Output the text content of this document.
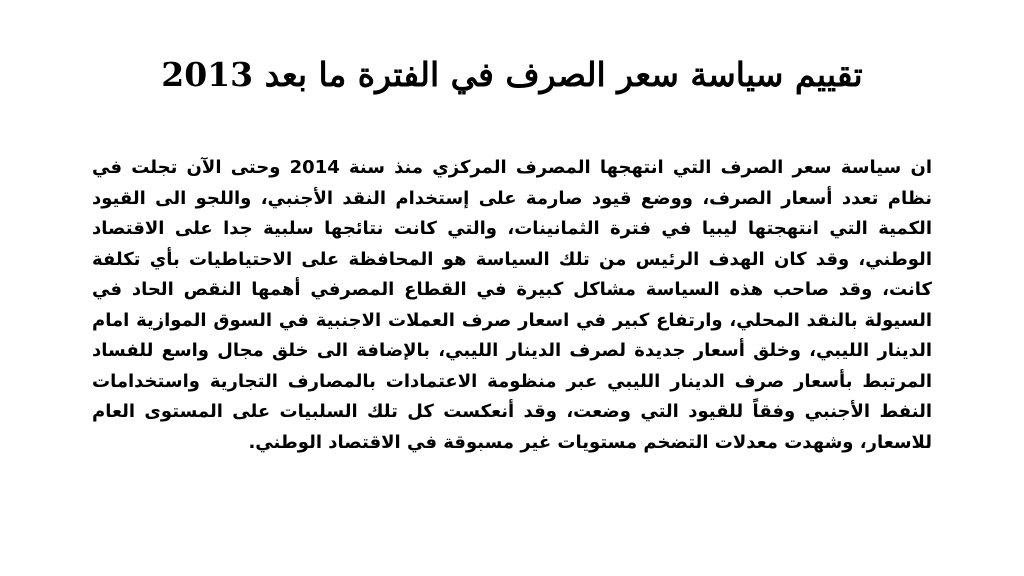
تقييم سياسة سعر الصرف في الفترة ما بعد 2013

ان سياسة سعر الصرف التي انتهجها المصرف المركزي منذ سنة 2014 وحتى الآن تجلت في نظام تعدد أسعار الصرف، ووضع قيود صارمة على إستخدام النقد الأجنبي، واللجو الى القيود الكمية التي انتهجتها ليبيا في فترة الثمانينات، والتي كانت نتائجها سلبية جدا على الاقتصاد الوطني، وقد كان الهدف الرئيس من تلك السياسة هو المحافظة على الاحتياطيات بأي تكلفة كانت، وقد صاحب هذه السياسة مشاكل كبيرة في القطاع المصرفي أهمها النقص الحاد في السيولة بالنقد المحلي، وارتفاع كبير في اسعار صرف العملات الاجنبية في السوق الموازية امام الدينار الليبي، وخلق أسعار جديدة لصرف الدينار الليبي، بالإضافة الى خلق مجال واسع للفساد المرتبط بأسعار صرف الدينار الليبي عبر منظومة الاعتمادات بالمصارف التجارية واستخدامات النفط الأجنبي وفقاً للقيود التي وضعت، وقد أنعكست كل تلك السلبيات على المستوى العام للاسعار، وشهدت معدلات التضخم مستويات غير مسبوقة في الاقتصاد الوطني.
